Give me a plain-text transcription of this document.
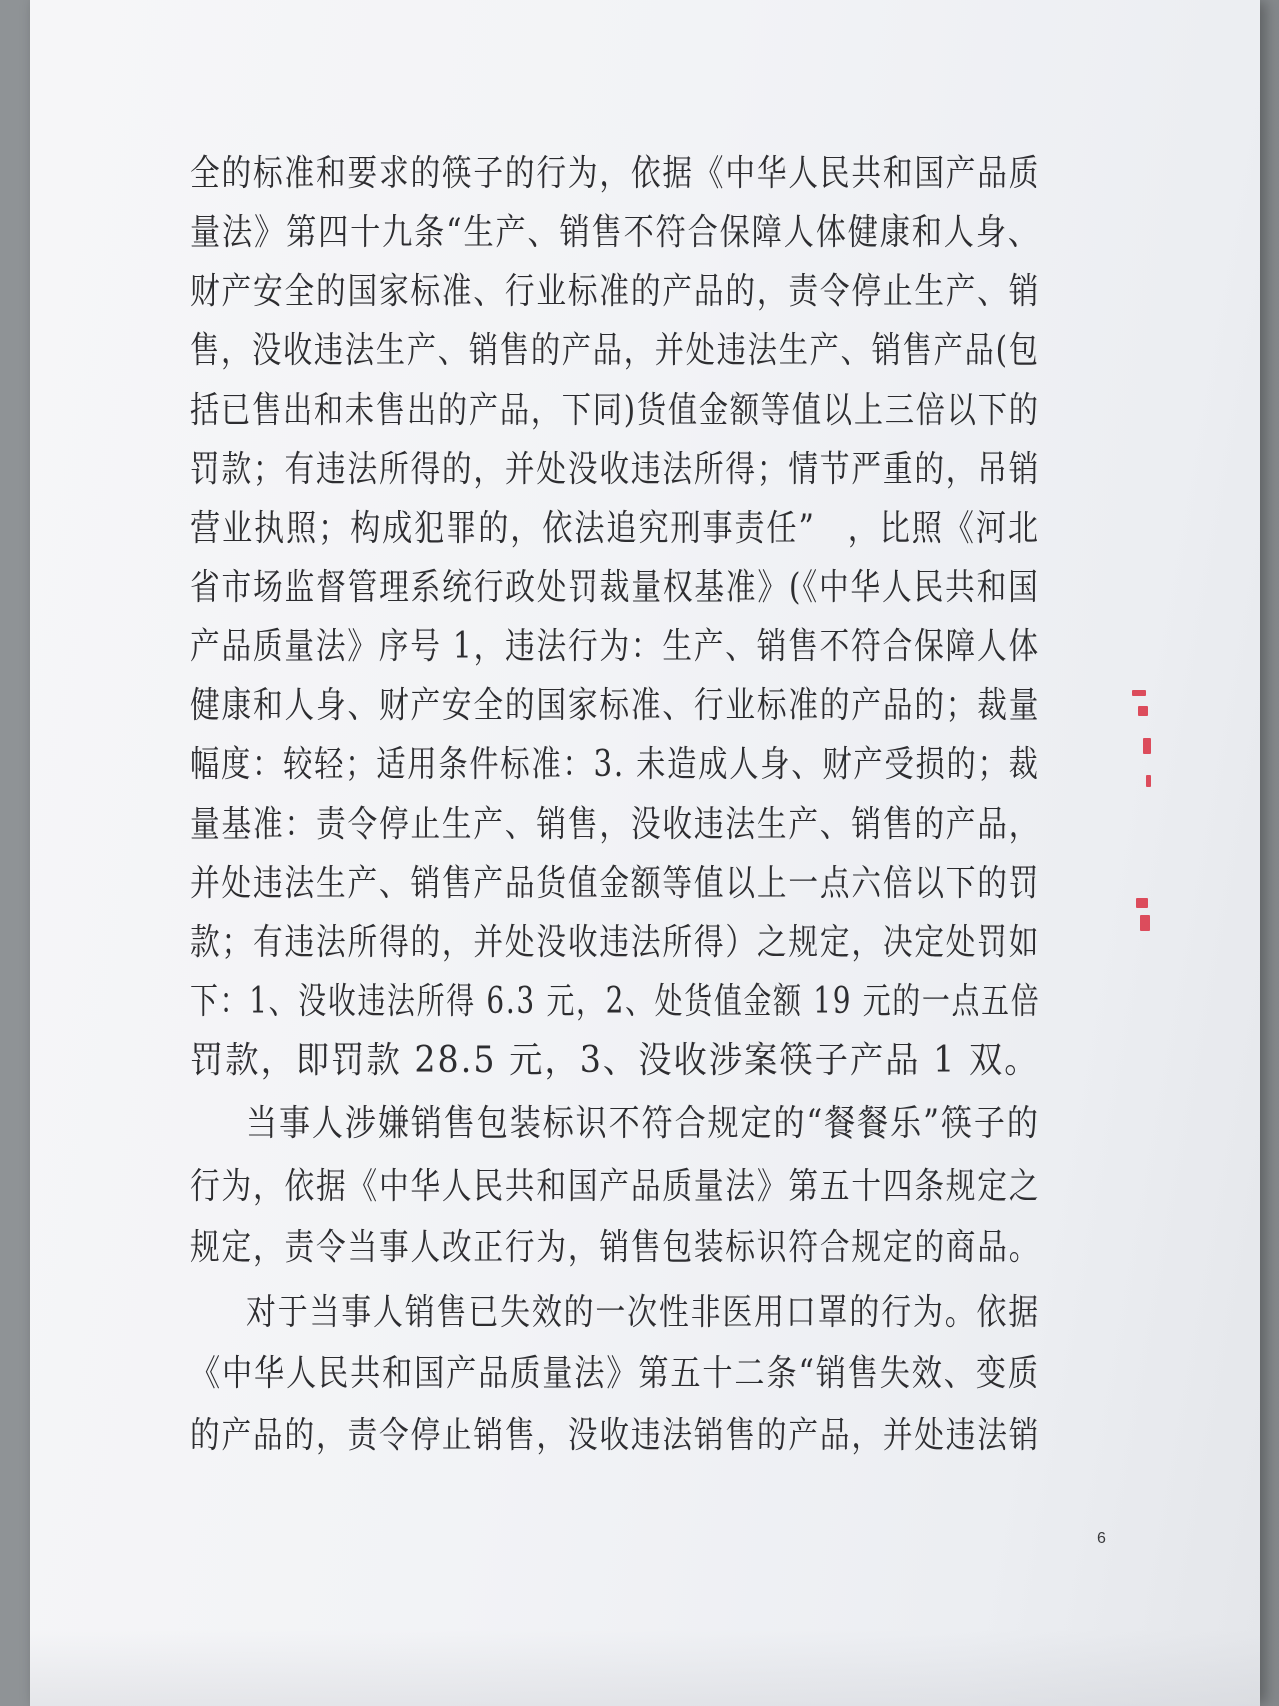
全的标准和要求的筷子的行为，依据《中华人民共和国产品质
量法》第四十九条“生产、销售不符合保障人体健康和人身、
财产安全的国家标准、行业标准的产品的，责令停止生产、销
售，没收违法生产、销售的产品，并处违法生产、销售产品(包
括已售出和未售出的产品，下同)货值金额等值以上三倍以下的
罚款；有违法所得的，并处没收违法所得；情节严重的，吊销
营业执照；构成犯罪的，依法追究刑事责任”　，比照《河北
省市场监督管理系统行政处罚裁量权基准》(《中华人民共和国
产品质量法》序号 1，违法行为：生产、销售不符合保障人体
健康和人身、财产安全的国家标准、行业标准的产品的；裁量
幅度：较轻；适用条件标准：3. 未造成人身、财产受损的；裁
量基准：责令停止生产、销售，没收违法生产、销售的产品，
并处违法生产、销售产品货值金额等值以上一点六倍以下的罚
款；有违法所得的，并处没收违法所得）之规定，决定处罚如
下：1、没收违法所得 6.3 元，2、处货值金额 19 元的一点五倍
罚款，即罚款 28.5 元，3、没收涉案筷子产品 1 双。
当事人涉嫌销售包装标识不符合规定的“餐餐乐”筷子的
行为，依据《中华人民共和国产品质量法》第五十四条规定之
规定，责令当事人改正行为，销售包装标识符合规定的商品。
对于当事人销售已失效的一次性非医用口罩的行为。依据
《中华人民共和国产品质量法》第五十二条“销售失效、变质
的产品的，责令停止销售，没收违法销售的产品，并处违法销
6
